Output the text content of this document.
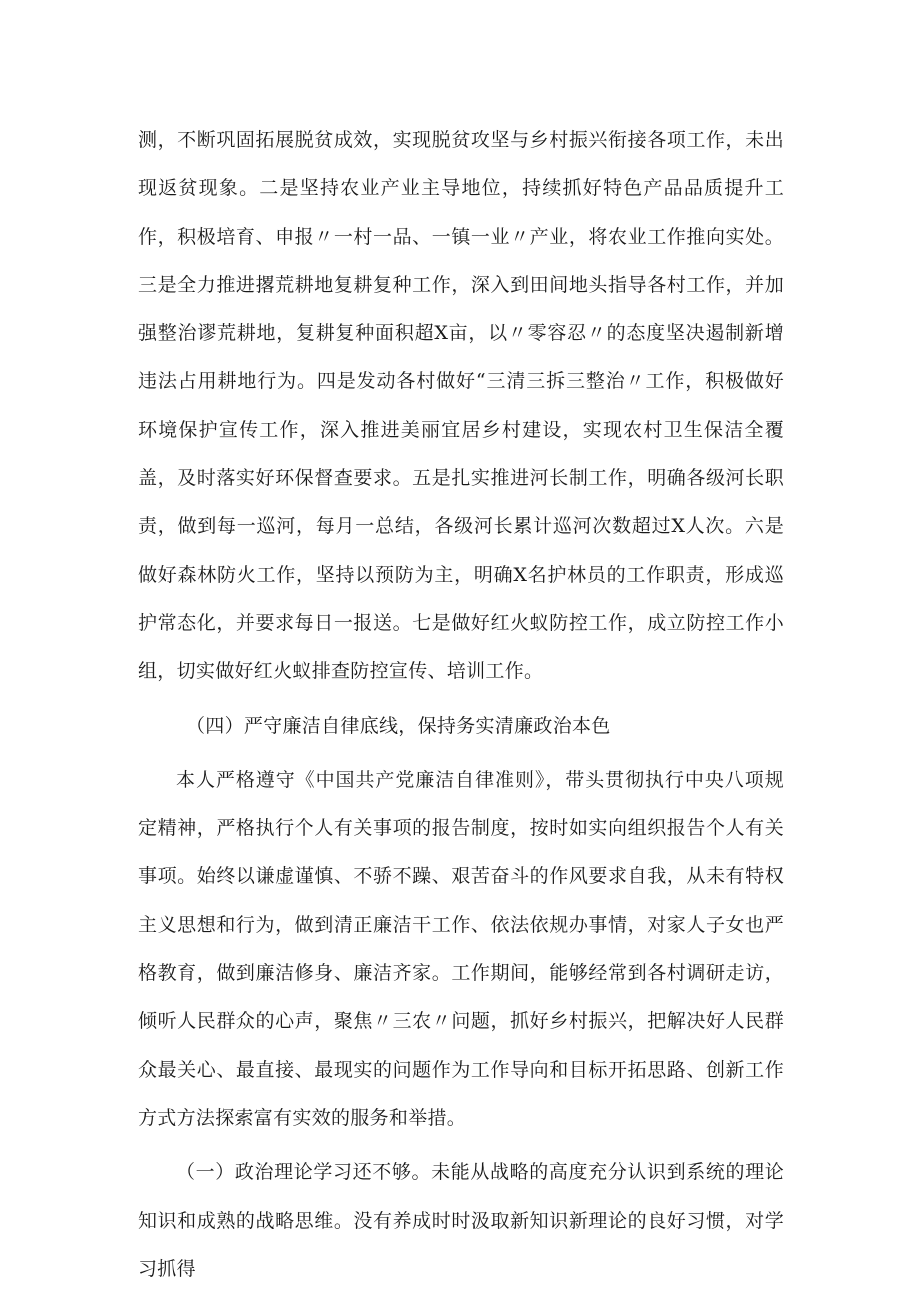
测，不断巩固拓展脱贫成效，实现脱贫攻坚与乡村振兴衔接各项工作，未出现返贫现象。二是坚持农业产业主导地位，持续抓好特色产品品质提升工作，积极培育、申报〃一村一品、一镇一业〃产业，将农业工作推向实处。三是全力推进撂荒耕地复耕复种工作，深入到田间地头指导各村工作，并加强整治谬荒耕地，复耕复种面积超X亩，以〃零容忍〃的态度坚决遏制新增违法占用耕地行为。四是发动各村做好“三清三拆三整治〃工作，积极做好环境保护宣传工作，深入推进美丽宜居乡村建设，实现农村卫生保洁全覆盖，及时落实好环保督查要求。五是扎实推进河长制工作，明确各级河长职责，做到每一巡河，每月一总结，各级河长累计巡河次数超过X人次。六是做好森林防火工作，坚持以预防为主，明确X名护林员的工作职责，形成巡护常态化，并要求每日一报送。七是做好红火蚁防控工作，成立防控工作小组，切实做好红火蚁排查防控宣传、培训工作。

（四）严守廉洁自律底线，保持务实清廉政治本色

本人严格遵守《中国共产党廉洁自律准则》，带头贯彻执行中央八项规定精神，严格执行个人有关事项的报告制度，按时如实向组织报告个人有关事项。始终以谦虚谨慎、不骄不躁、艰苦奋斗的作风要求自我，从未有特权主义思想和行为，做到清正廉洁干工作、依法依规办事情，对家人子女也严格教育，做到廉洁修身、廉洁齐家。工作期间，能够经常到各村调研走访，倾听人民群众的心声，聚焦〃三农〃问题，抓好乡村振兴，把解决好人民群众最关心、最直接、最现实的问题作为工作导向和目标开拓思路、创新工作方式方法探索富有实效的服务和举措。

（一）政治理论学习还不够。未能从战略的高度充分认识到系统的理论知识和成熟的战略思维。没有养成时时汲取新知识新理论的良好习惯，对学习抓得
